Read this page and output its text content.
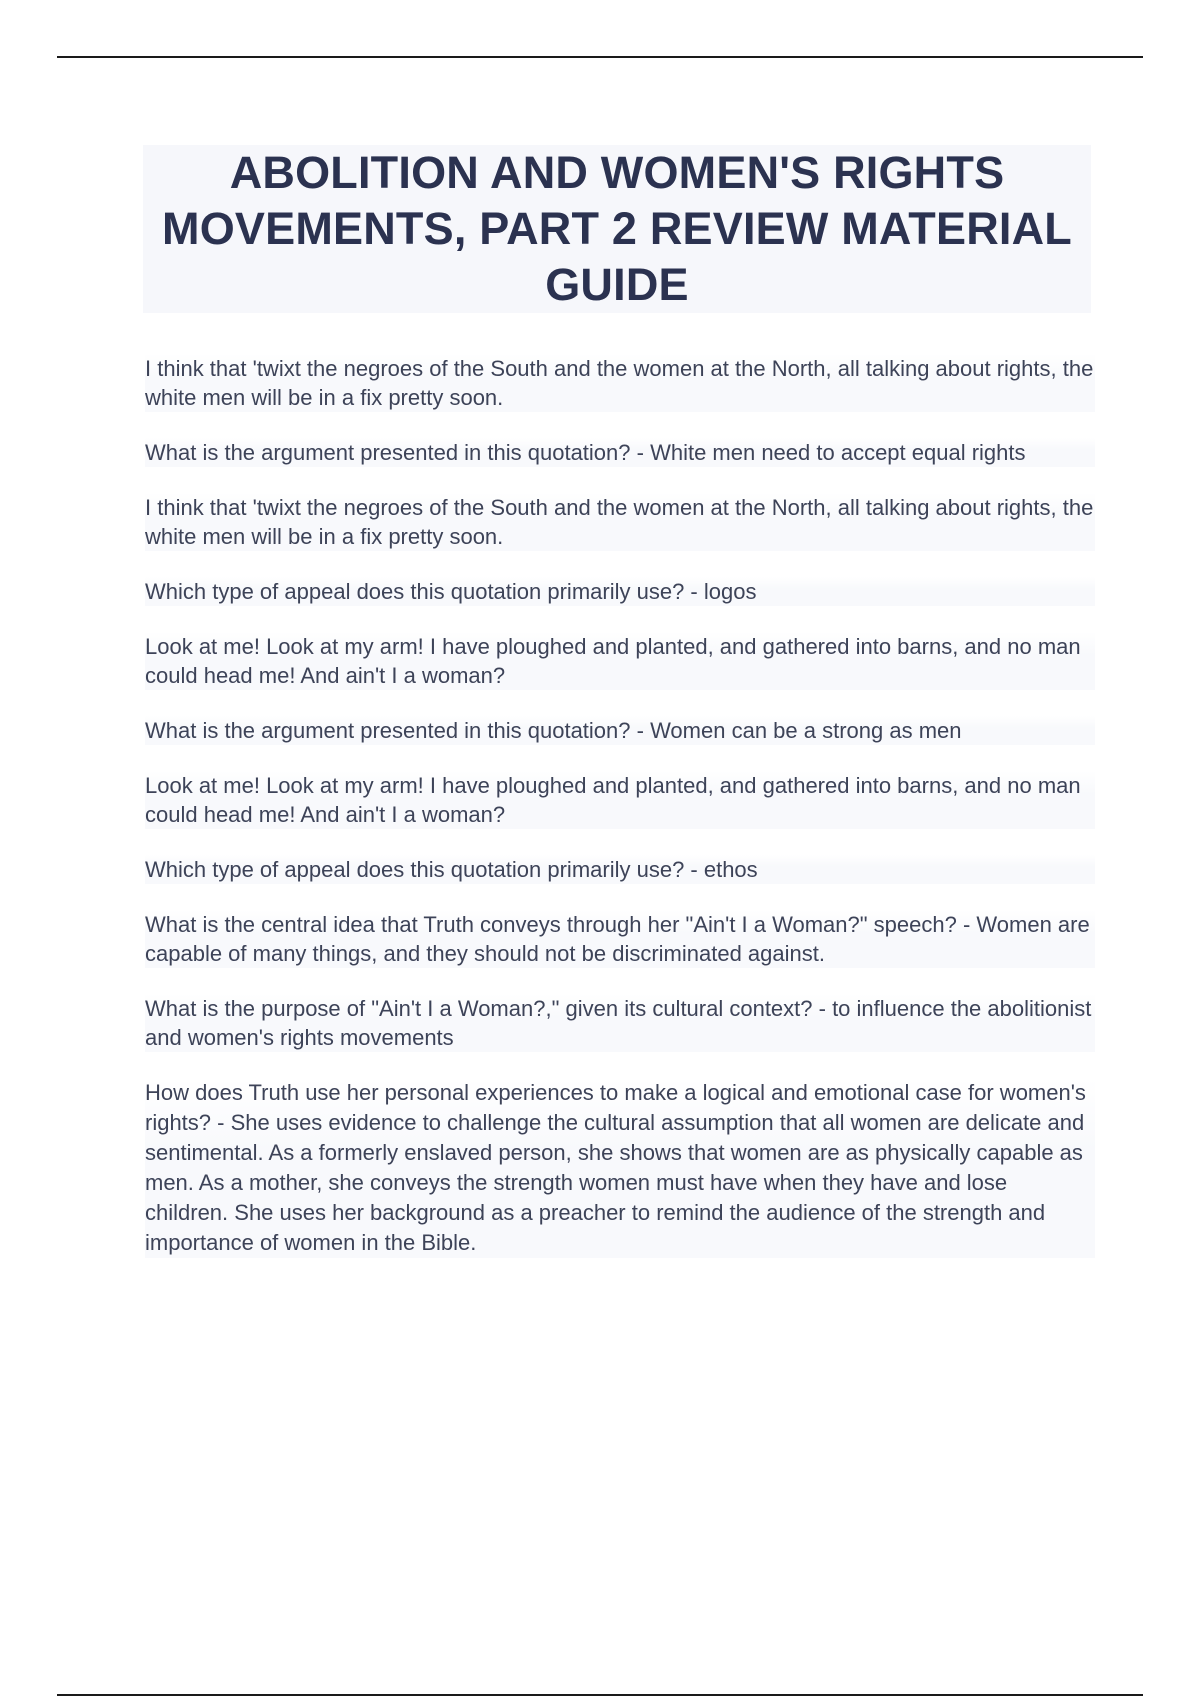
ABOLITION AND WOMEN'S RIGHTS MOVEMENTS, PART 2 REVIEW MATERIAL GUIDE

I think that 'twixt the negroes of the South and the women at the North, all talking about rights, the white men will be in a fix pretty soon.

What is the argument presented in this quotation? - White men need to accept equal rights

I think that 'twixt the negroes of the South and the women at the North, all talking about rights, the white men will be in a fix pretty soon.

Which type of appeal does this quotation primarily use? - logos

Look at me! Look at my arm! I have ploughed and planted, and gathered into barns, and no man could head me! And ain't I a woman?

What is the argument presented in this quotation? - Women can be a strong as men

Look at me! Look at my arm! I have ploughed and planted, and gathered into barns, and no man could head me! And ain't I a woman?

Which type of appeal does this quotation primarily use? - ethos

What is the central idea that Truth conveys through her "Ain't I a Woman?" speech? - Women are capable of many things, and they should not be discriminated against.

What is the purpose of "Ain't I a Woman?," given its cultural context? - to influence the abolitionist and women's rights movements

How does Truth use her personal experiences to make a logical and emotional case for women's rights? - She uses evidence to challenge the cultural assumption that all women are delicate and sentimental. As a formerly enslaved person, she shows that women are as physically capable as men. As a mother, she conveys the strength women must have when they have and lose children. She uses her background as a preacher to remind the audience of the strength and importance of women in the Bible.
